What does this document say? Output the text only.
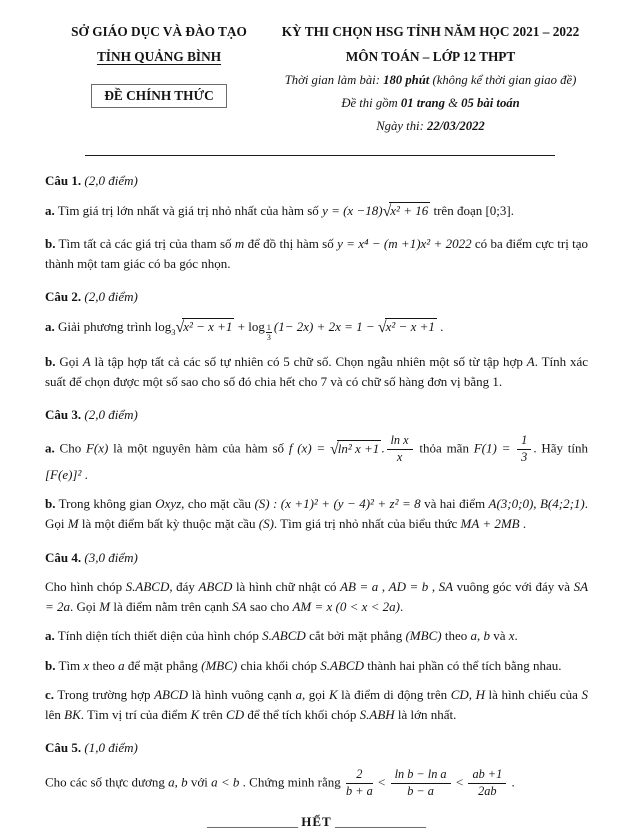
SỞ GIÁO DỤC VÀ ĐÀO TẠO
TỈNH QUẢNG BÌNH
ĐỀ CHÍNH THỨC
KỲ THI CHỌN HSG TỈNH NĂM HỌC 2021 – 2022
MÔN TOÁN – LỚP 12 THPT
Thời gian làm bài: 180 phút (không kể thời gian giao đề)
Đề thi gồm 01 trang & 05 bài toán
Ngày thi: 22/03/2022

Câu 1. (2,0 điểm)

a. Tìm giá trị lớn nhất và giá trị nhỏ nhất của hàm số y = (x −18)√x² + 16 trên đoạn [0;3].

b. Tìm tất cả các giá trị của tham số m để đồ thị hàm số y = x⁴ − (m +1)x² + 2022 có ba điểm cực trị tạo thành một tam giác có ba góc nhọn.

Câu 2. (2,0 điểm)

a. Giải phương trình $\log_3√x^2 - x +1 + \log \frac{1}{3} (1- 2x) + 2x = 1 - √x^2 - x +1$ .

b. Gọi A là tập hợp tất cả các số tự nhiên có 5 chữ số. Chọn ngẫu nhiên một số từ tập hợp A. Tính xác suất để chọn được một số sao cho số đó chia hết cho 7 và có chữ số hàng đơn vị bằng 1.

Câu 3. (2,0 điểm)

a. Cho F(x) là một nguyên hàm của hàm số f (x) = √ln² x +1 . $\frac{\text{ln x}}{x}$ thỏa mãn $F(1) = \frac{1}{3}$ . Hãy tính [F(e)]² .

b. Trong không gian Oxyz, cho mặt cầu (S) : (x +1)² + (y − 4)² + z² = 8 và hai điểm A(3;0;0), B(4;2;1). Gọi M là một điểm bất kỳ thuộc mặt cầu (S). Tìm giá trị nhỏ nhất của biểu thức MA + 2MB .

Câu 4. (3,0 điểm)

Cho hình chóp S.ABCD, đáy ABCD là hình chữ nhật có AB = a , AD = b , SA vuông góc với đáy và SA = 2a. Gọi M là điểm nằm trên cạnh SA sao cho AM = x (0 < x < 2a).

a. Tính diện tích thiết diện của hình chóp S.ABCD cắt bởi mặt phẳng (MBC) theo a, b và x.

b. Tìm x theo a để mặt phẳng (MBC) chia khối chóp S.ABCD thành hai phần có thể tích bằng nhau.

c. Trong trường hợp ABCD là hình vuông cạnh a, gọi K là điểm di động trên CD, H là hình chiếu của S lên BK. Tìm vị trí của điểm K trên CD để thể tích khối chóp S.ABH là lớn nhất.

Câu 5. (1,0 điểm)

Cho các số thực dương a, b với a < b . Chứng minh rằng $\frac{2}{b + a} < \frac{\text{ln b − ln a}}{b - a} < \frac{ab +1}{2ab}$ .

______________ HẾT ______________
